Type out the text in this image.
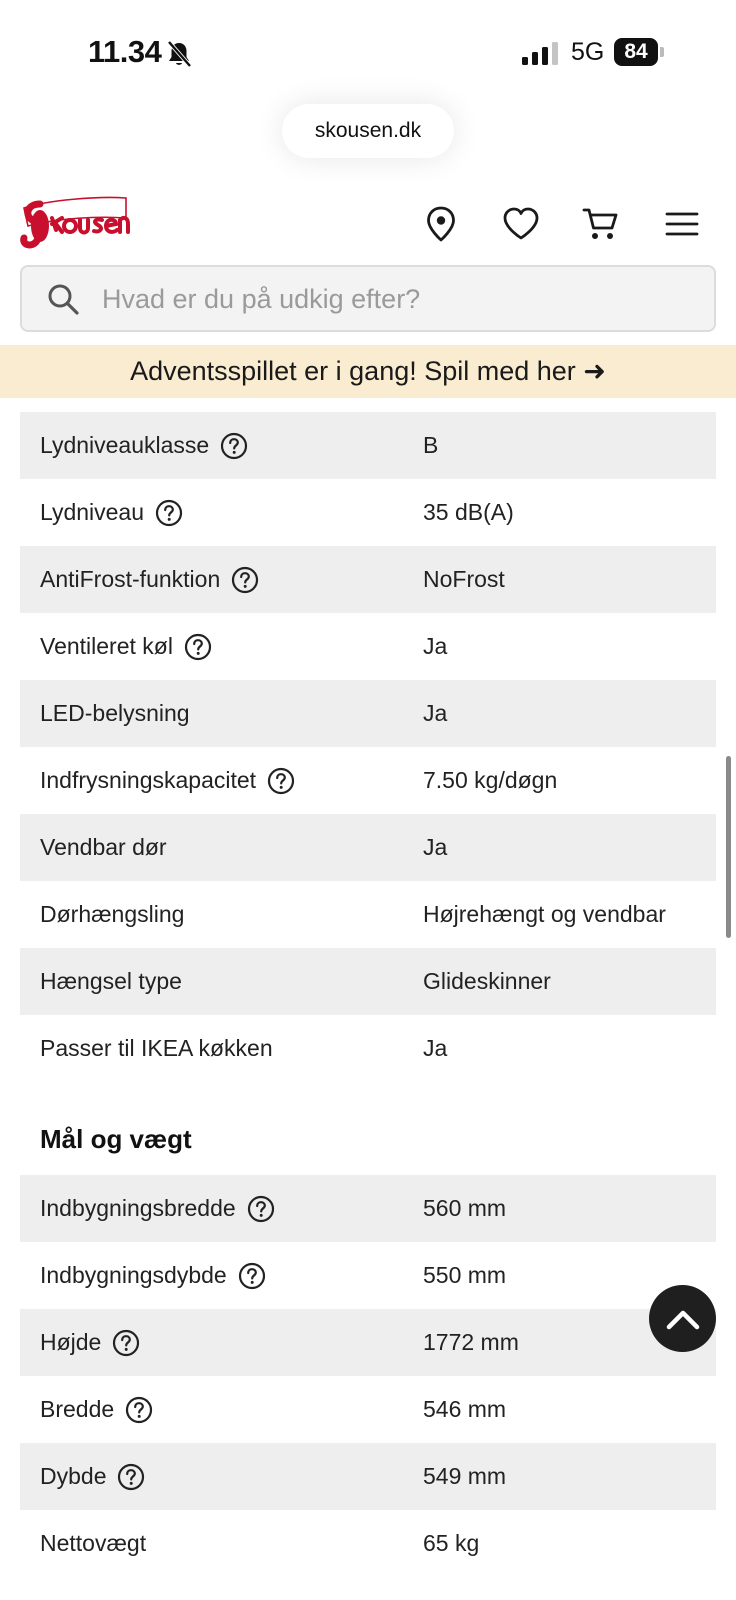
11.34	5G 84
skousen.dk
Hvad er du på udkig efter?
Adventsspillet er i gang! Spil med her ➜
Lydniveauklasse	B
Lydniveau	35 dB(A)
AntiFrost-funktion	NoFrost
Ventileret køl	Ja
LED-belysning	Ja
Indfrysningskapacitet	7.50 kg/døgn
Vendbar dør	Ja
Dørhængsling	Højrehængt og vendbar
Hængsel type	Glideskinner
Passer til IKEA køkken	Ja
Mål og vægt
Indbygningsbredde	560 mm
Indbygningsdybde	550 mm
Højde	1772 mm
Bredde	546 mm
Dybde	549 mm
Nettovægt	65 kg
